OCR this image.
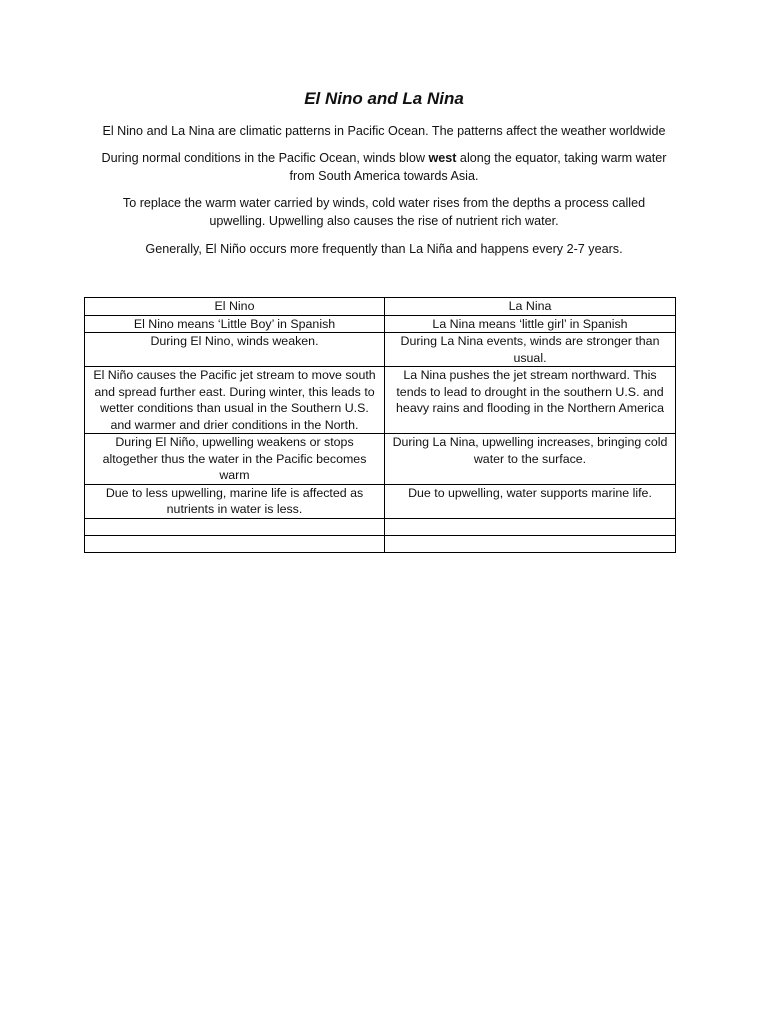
El Nino and La Nina
El Nino and La Nina are climatic patterns in Pacific Ocean. The patterns affect the weather worldwide
During normal conditions in the Pacific Ocean, winds blow west along the equator, taking warm water from South America towards Asia.
To replace the warm water carried by winds, cold water rises from the depths a process called upwelling. Upwelling also causes the rise of nutrient rich water.
Generally, El Niño occurs more frequently than La Niña and happens every 2-7 years.
El Nino	La Nina
El Nino means ‘Little Boy’ in Spanish	La Nina means ‘little girl’ in Spanish
During El Nino, winds weaken.	During La Nina events, winds are stronger than usual.
El Niño causes the Pacific jet stream to move south and spread further east. During winter, this leads to wetter conditions than usual in the Southern U.S. and warmer and drier conditions in the North.	La Nina pushes the jet stream northward. This tends to lead to drought in the southern U.S. and heavy rains and flooding in the Northern America
During El Niño, upwelling weakens or stops altogether thus the water in the Pacific becomes warm	During La Nina, upwelling increases, bringing cold water to the surface.
Due to less upwelling, marine life is affected as nutrients in water is less.	Due to upwelling, water supports marine life.
